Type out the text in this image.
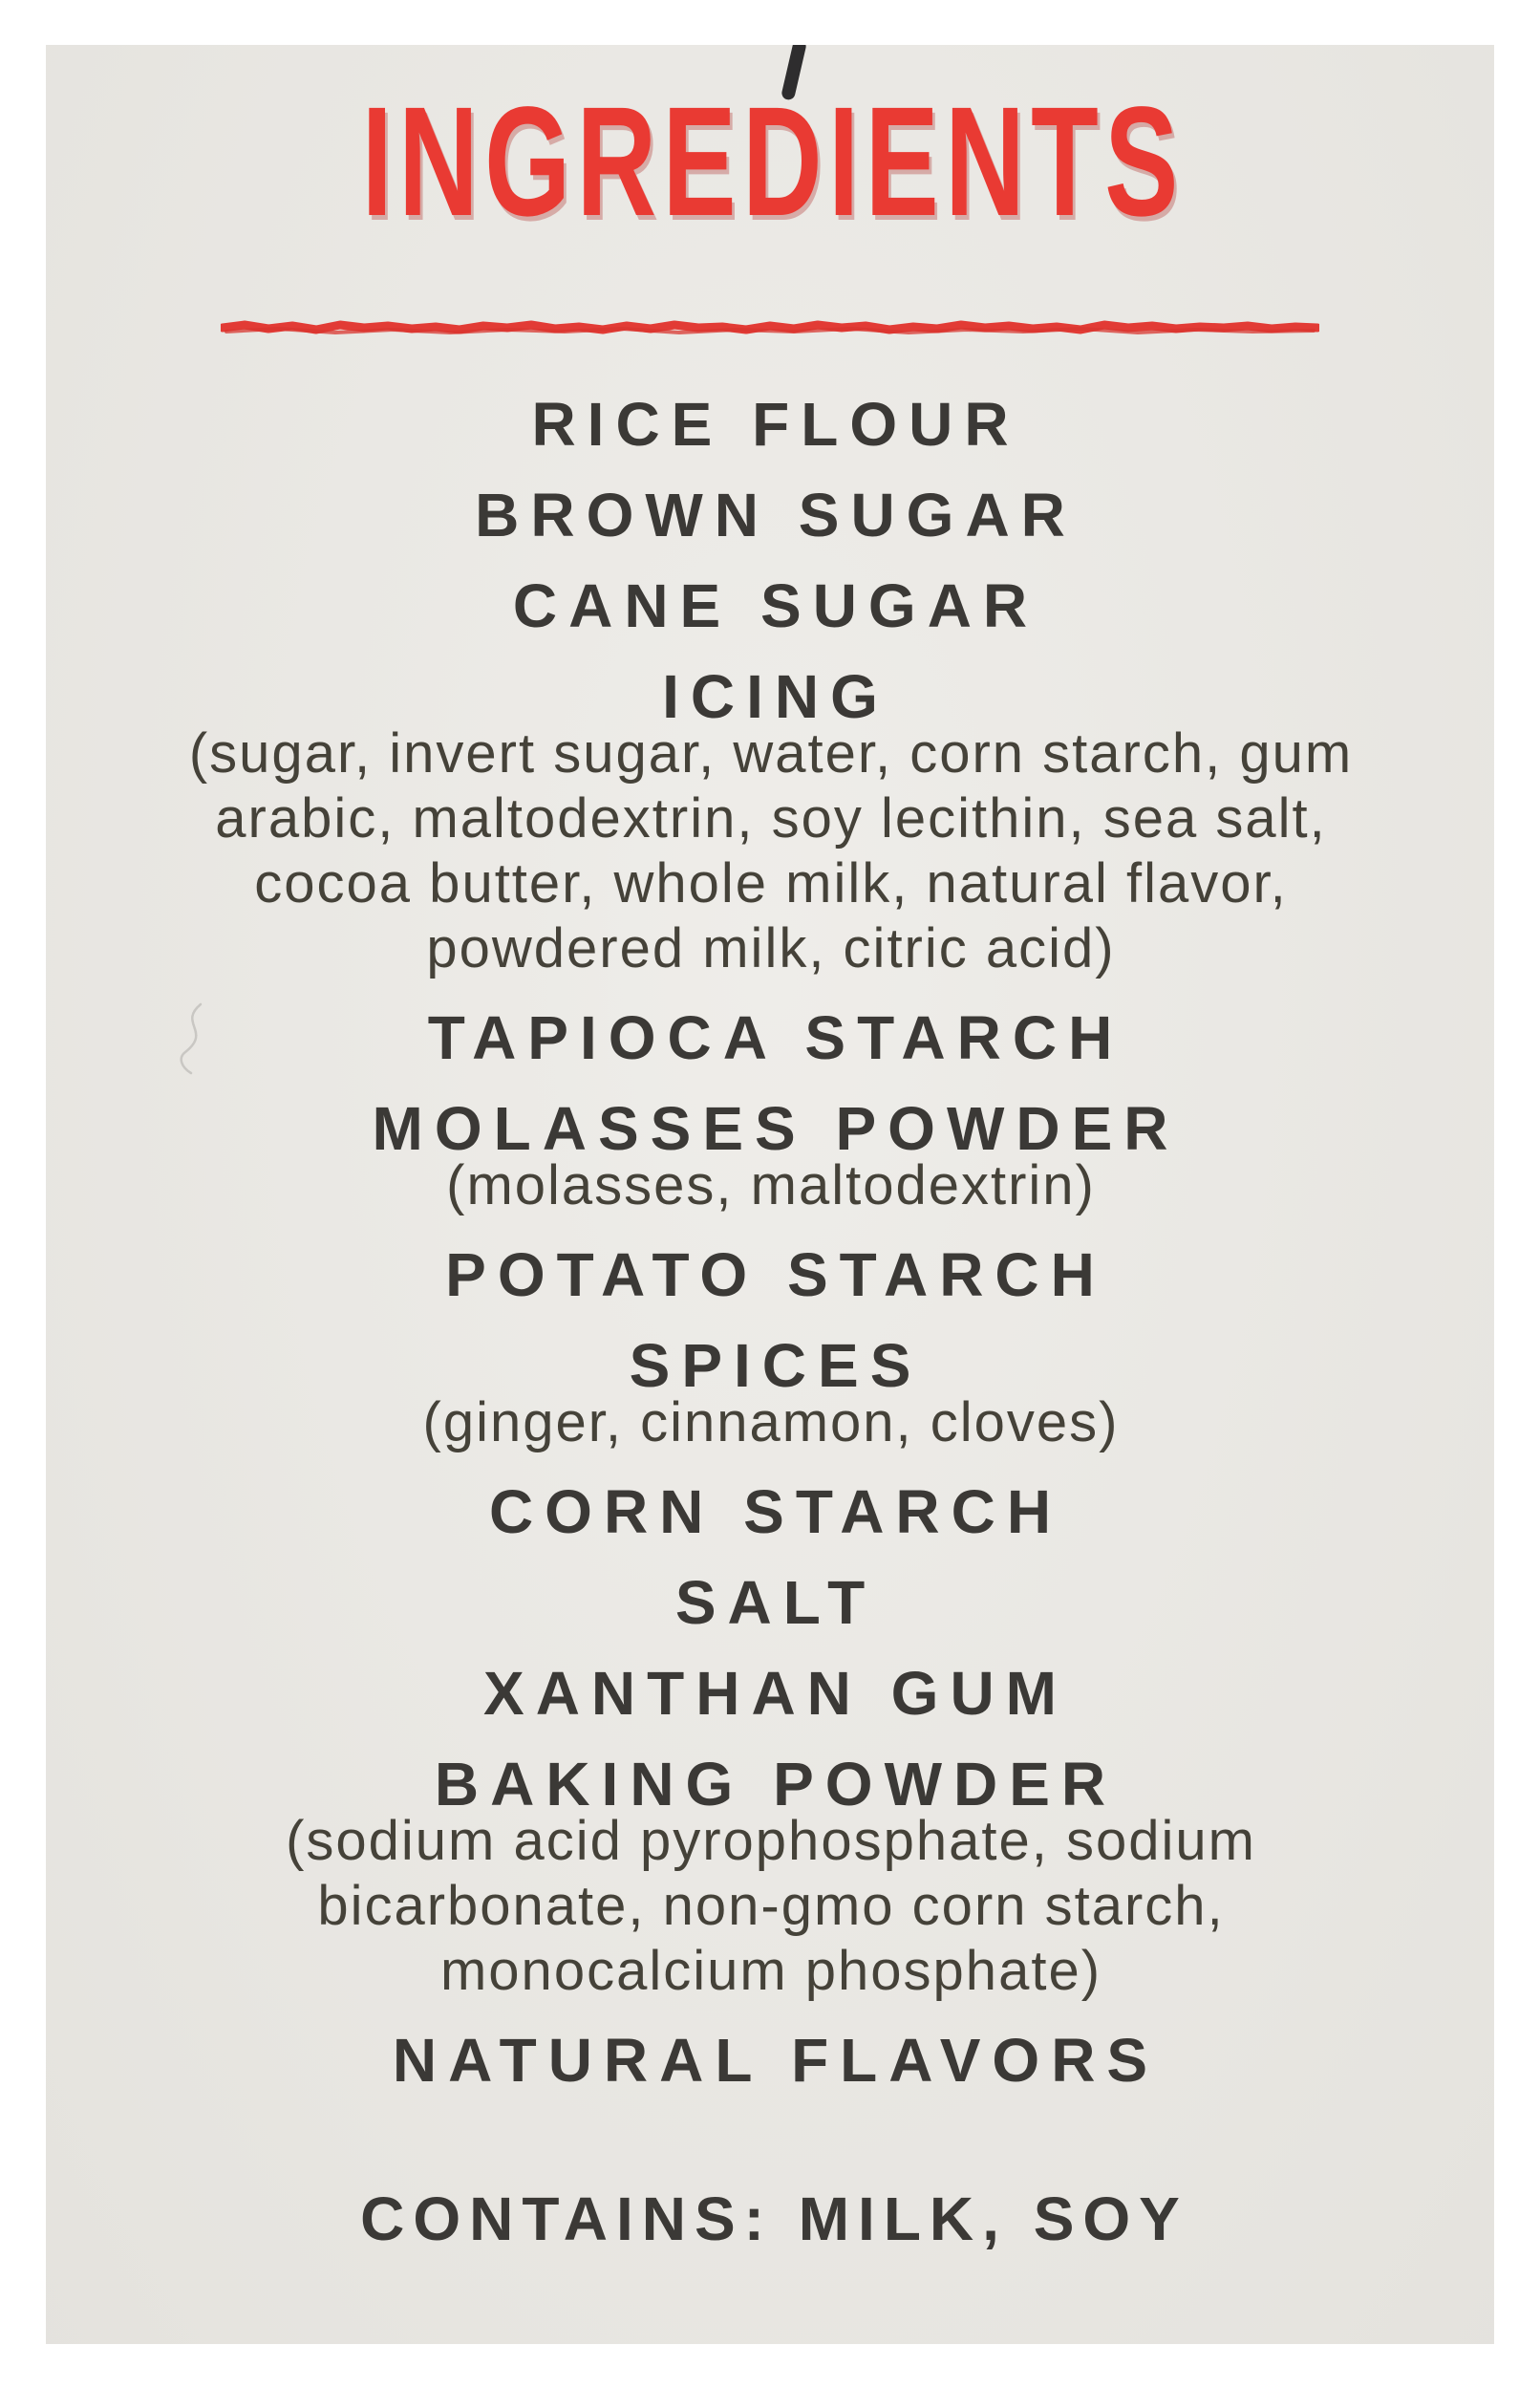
INGREDIENTS
RICE FLOUR
BROWN SUGAR
CANE SUGAR
ICING
(sugar, invert sugar, water, corn starch, gum
arabic, maltodextrin, soy lecithin, sea salt,
cocoa butter, whole milk, natural flavor,
powdered milk, citric acid)
TAPIOCA STARCH
MOLASSES POWDER
(molasses, maltodextrin)
POTATO STARCH
SPICES
(ginger, cinnamon, cloves)
CORN STARCH
SALT
XANTHAN GUM
BAKING POWDER
(sodium acid pyrophosphate, sodium
bicarbonate, non-gmo corn starch,
monocalcium phosphate)
NATURAL FLAVORS
CONTAINS: MILK, SOY
